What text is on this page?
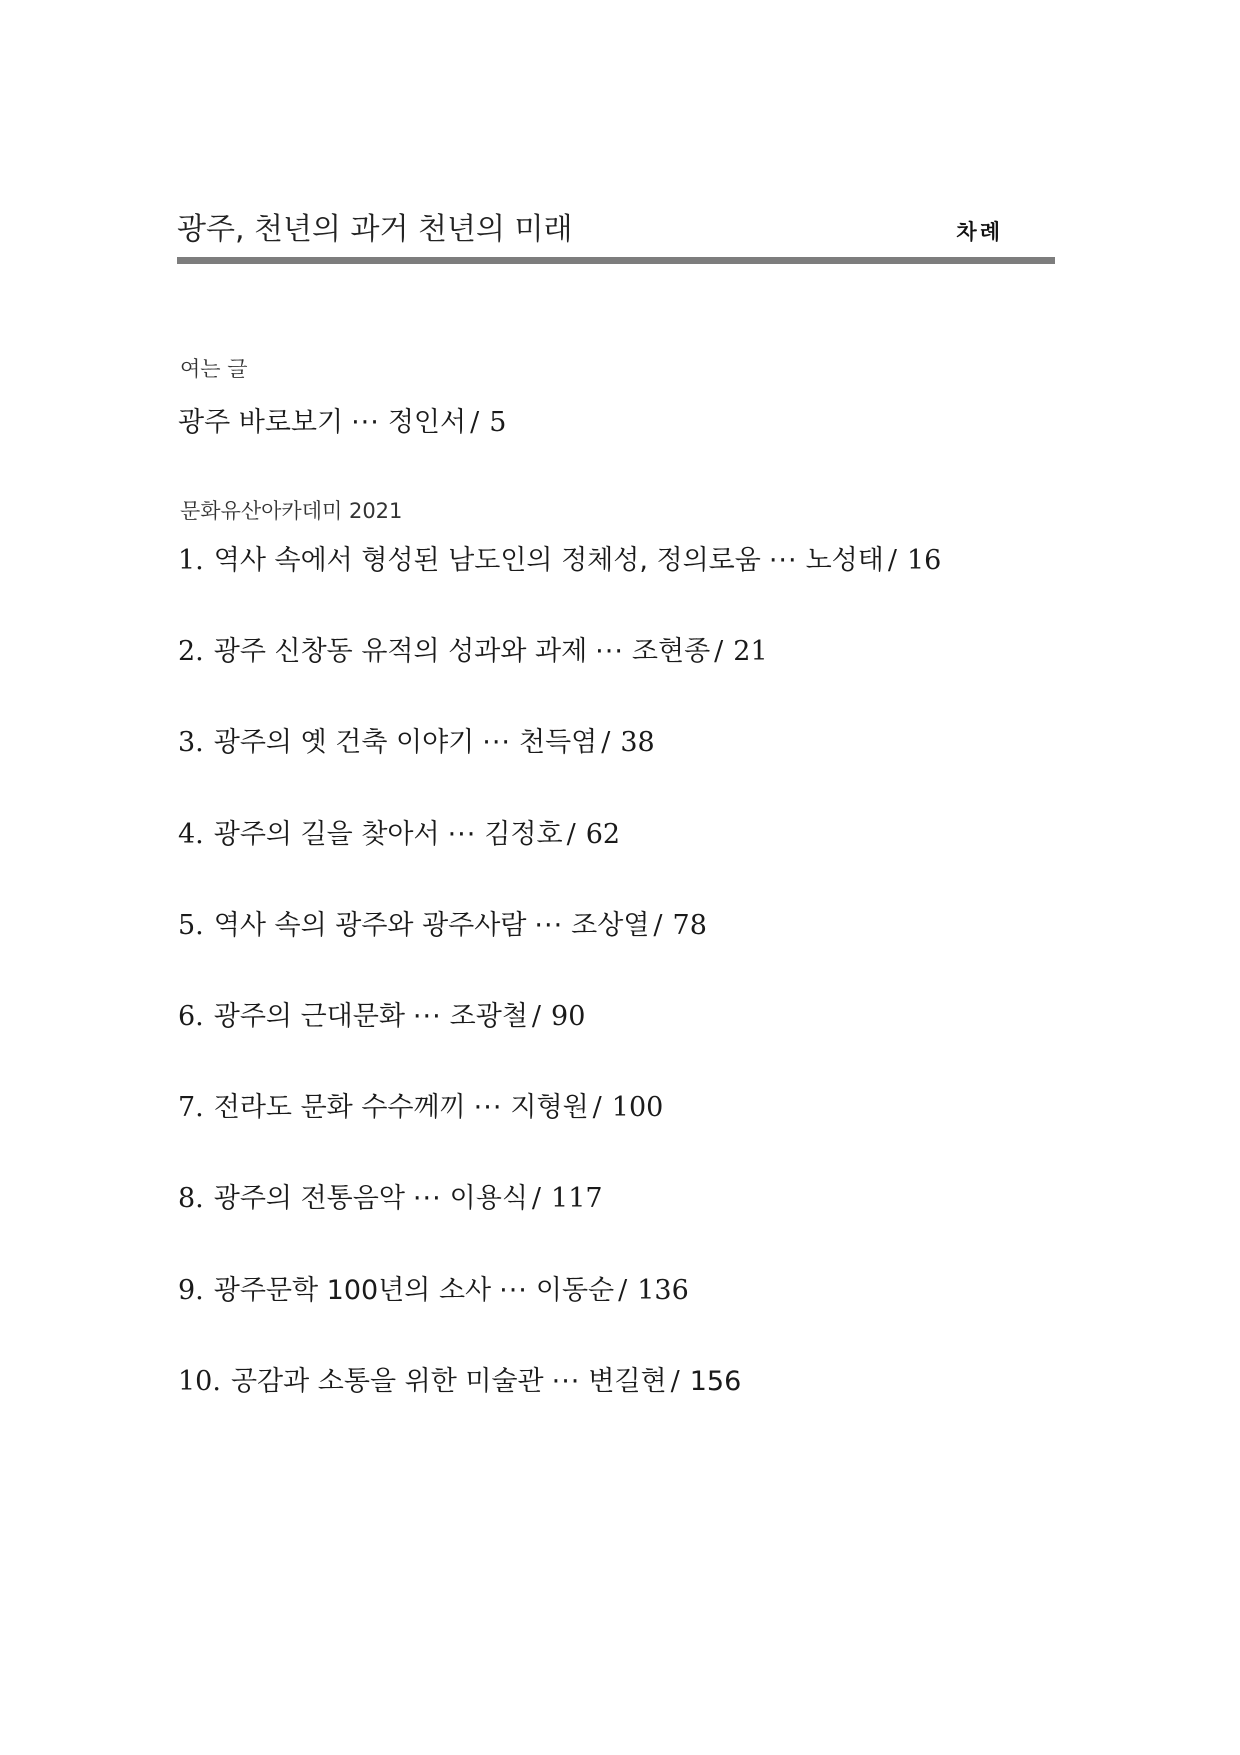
광주, 천년의 과거 천년의 미래	차례
여는 글
광주 바로보기 ··· 정인서 / 5
문화유산아카데미 2021
1. 역사 속에서 형성된 남도인의 정체성, 정의로움 ··· 노성태 / 16
2. 광주 신창동 유적의 성과와 과제 ··· 조현종 / 21
3. 광주의 옛 건축 이야기 ··· 천득염 / 38
4. 광주의 길을 찾아서 ··· 김정호 / 62
5. 역사 속의 광주와 광주사람 ··· 조상열 / 78
6. 광주의 근대문화 ··· 조광철 / 90
7. 전라도 문화 수수께끼 ··· 지형원 / 100
8. 광주의 전통음악 ··· 이용식 / 117
9. 광주문학 100년의 소사 ··· 이동순 / 136
10. 공감과 소통을 위한 미술관 ··· 변길현 / 156
